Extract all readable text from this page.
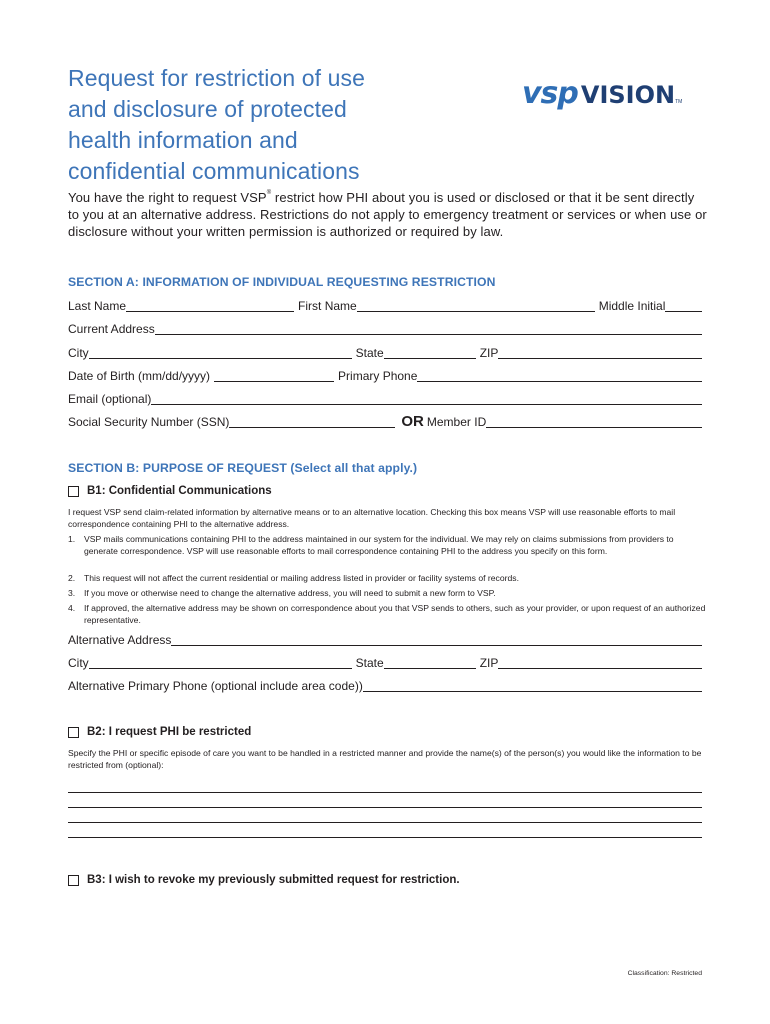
Request for restriction of use
and disclosure of protected
health information and
confidential communications
vsp VISIONTM
You have the right to request VSP® restrict how PHI about you is used or disclosed or that it be sent directly to you at an alternative address. Restrictions do not apply to emergency treatment or services or when use or disclosure without your written permission is authorized or required by law.
SECTION A: INFORMATION OF INDIVIDUAL REQUESTING RESTRICTION
Last Name	First Name	Middle Initial
Current Address
City	State	ZIP
Date of Birth (mm/dd/yyyy)	Primary Phone
Email (optional)
Social Security Number (SSN)	OR Member ID
SECTION B: PURPOSE OF REQUEST (Select all that apply.)
B1: Confidential Communications
I request VSP send claim-related information by alternative means or to an alternative location. Checking this box means VSP will use reasonable efforts to mail correspondence containing PHI to the alternative address.
1.	VSP mails communications containing PHI to the address maintained in our system for the individual. We may rely on claims submissions from providers to generate correspondence. VSP will use reasonable efforts to mail correspondence containing PHI to the address you specify on this form.
2.	This request will not affect the current residential or mailing address listed in provider or facility systems of records.
3.	If you move or otherwise need to change the alternative address, you will need to submit a new form to VSP.
4.	If approved, the alternative address may be shown on correspondence about you that VSP sends to others, such as your provider, or upon request of an authorized representative.
Alternative Address
City	State	ZIP
Alternative Primary Phone (optional include area code))
B2: I request PHI be restricted
Specify the PHI or specific episode of care you want to be handled in a restricted manner and provide the name(s) of the person(s) you would like the information to be restricted from (optional):
B3: I wish to revoke my previously submitted request for restriction.
Classification: Restricted
